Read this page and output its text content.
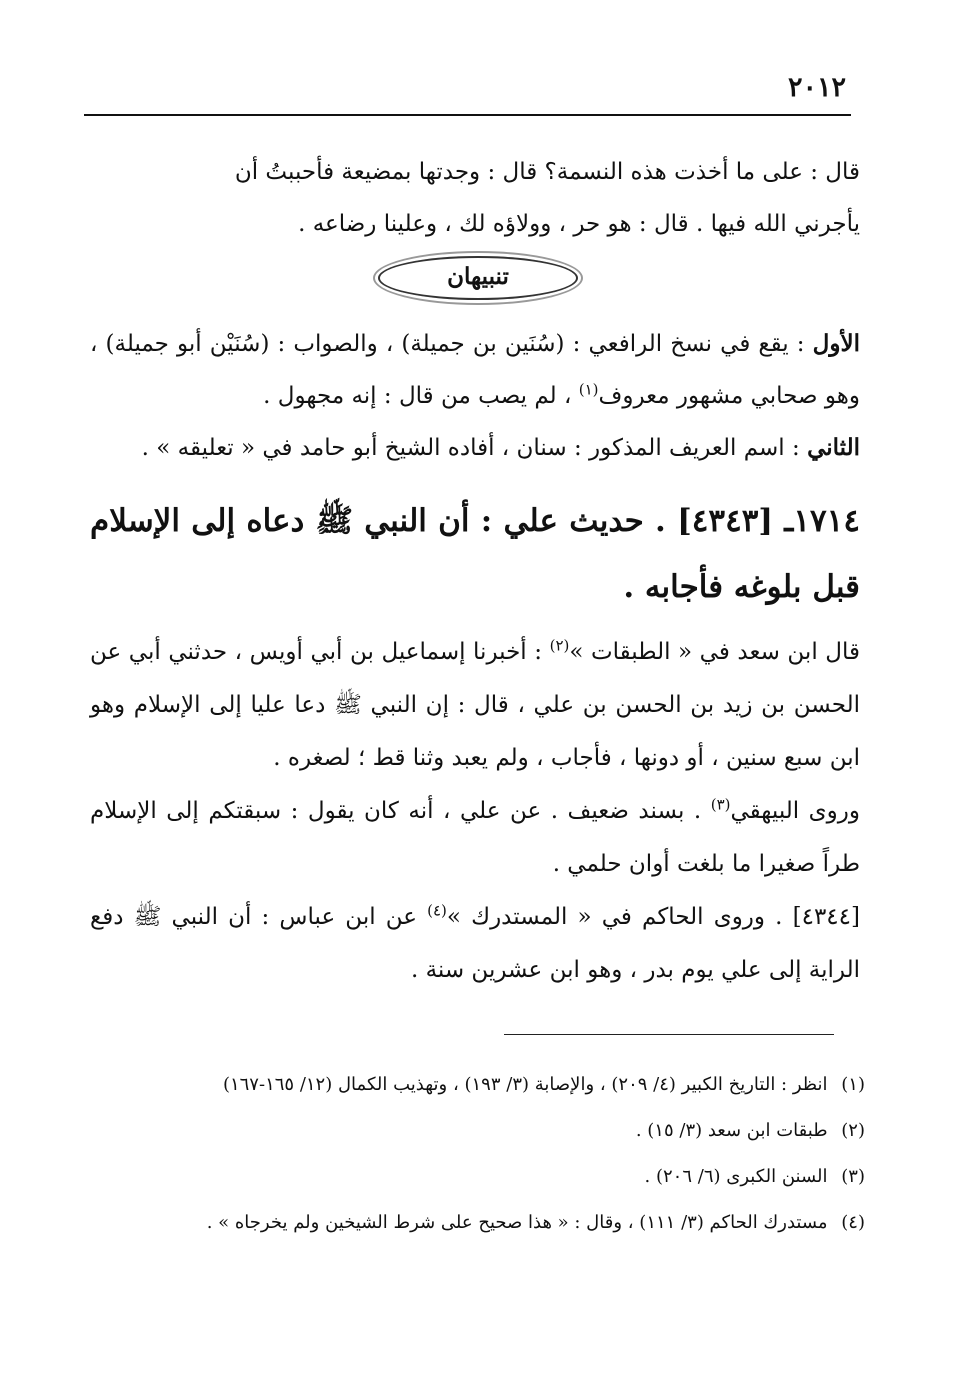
٢٠١٢
قال : على ما أخذت هذه النسمة؟ قال : وجدتها بمضيعة فأحببتُ أن
يأجرني الله فيها . قال : هو حر ، وولاؤه لك ، وعلينا رضاعه .
تنبيهان
الأول : يقع في نسخ الرافعي : (سُنَين بن جميلة) ، والصواب : (سُنَيْن أبو جميلة) ، وهو صحابي مشهور معروف$^{(١)}$ ، لم يصب من قال : إنه مجهول .
الثاني : اسم العريف المذكور : سنان ، أفاده الشيخ أبو حامد في « تعليقه » .
١٧١٤ـ [٤٣٤٣] . حديث علي : أن النبي ﷺ دعاه إلى الإسلام قبل بلوغه فأجابه .
قال ابن سعد في « الطبقات »$^{(٢)}$ : أخبرنا إسماعيل بن أبي أويس ، حدثني أبي عن الحسن بن زيد بن الحسن بن علي ، قال : إن النبي ﷺ دعا عليا إلى الإسلام وهو ابن سبع سنين ، أو دونها ، فأجاب ، ولم يعبد وثنا قط ؛ لصغره .
وروى البيهقي$^{(٣)}$ . بسند ضعيف . عن علي ، أنه كان يقول : سبقتكم إلى الإسلام طراً صغيرا ما بلغت أوان حلمي .
[٤٣٤٤] . وروى الحاكم في « المستدرك »$^{(٤)}$ عن ابن عباس : أن النبي ﷺ دفع الراية إلى علي يوم بدر ، وهو ابن عشرين سنة .
(١) انظر : التاريخ الكبير (٤/ ٢٠٩) ، والإصابة (٣/ ١٩٣) ، وتهذيب الكمال (١٢/ ١٦٥-١٦٧)
(٢) طبقات ابن سعد (٣/ ١٥) .
(٣) السنن الكبرى (٦/ ٢٠٦) .
(٤) مستدرك الحاكم (٣/ ١١١) ، وقال : « هذا صحيح على شرط الشيخين ولم يخرجاه » .
